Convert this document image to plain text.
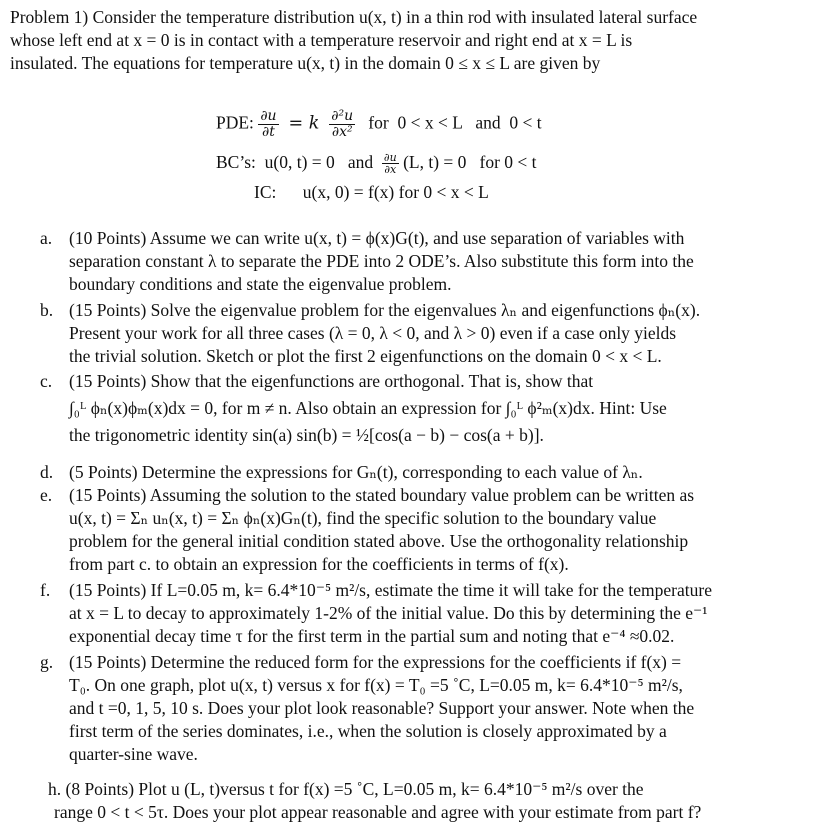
Problem 1) Consider the temperature distribution u(x, t) in a thin rod with insulated lateral surface
whose left end at x = 0 is in contact with a temperature reservoir and right end at x = L is
insulated. The equations for temperature u(x, t) in the domain 0 ≤ x ≤ L are given by
PDE: $\frac{\partial u}{\partial t} = k \frac{\text{∂²u}}{\text{∂x²}}$ for  0 < x < L   and  0 < t
BC’s:  u(0, t) = 0   and $\frac{\partial u}{\partial x} (L$, t) = 0   for 0 < t
IC: u(x, 0) = f(x) for 0 < x < L
a. (10 Points) Assume we can write u(x, t) = ϕ(x)G(t), and use separation of variables with
separation constant λ to separate the PDE into 2 ODE’s. Also substitute this form into the
boundary conditions and state the eigenvalue problem.
b. (15 Points) Solve the eigenvalue problem for the eigenvalues λₙ and eigenfunctions ϕₙ(x).
Present your work for all three cases (λ = 0, λ < 0, and λ > 0) even if a case only yields
the trivial solution. Sketch or plot the first 2 eigenfunctions on the domain 0 < x < L.
c. (15 Points) Show that the eigenfunctions are orthogonal. That is, show that
∫₀ᴸ ϕₙ(x)ϕₘ(x)dx = 0, for m ≠ n. Also obtain an expression for ∫₀ᴸ ϕ²ₘ(x)dx. Hint: Use
the trigonometric identity sin(a) sin(b) = ½[cos(a − b) − cos(a + b)].
d. (5 Points) Determine the expressions for Gₙ(t), corresponding to each value of λₙ.
e. (15 Points) Assuming the solution to the stated boundary value problem can be written as
u(x, t) = Σₙ uₙ(x, t) = Σₙ ϕₙ(x)Gₙ(t), find the specific solution to the boundary value
problem for the general initial condition stated above. Use the orthogonality relationship
from part c. to obtain an expression for the coefficients in terms of f(x).
f.	(15 Points) If L=0.05 m, k= 6.4*10⁻⁵ m²/s, estimate the time it will take for the temperature
at x = L to decay to approximately 1-2% of the initial value. Do this by determining the e⁻¹
exponential decay time τ for the first term in the partial sum and noting that e⁻⁴ ≈0.02.
g. (15 Points) Determine the reduced form for the expressions for the coefficients if f(x) =
T₀. On one graph, plot u(x, t) versus x for f(x) = T₀ =5 ˚C, L=0.05 m, k= 6.4*10⁻⁵ m²/s,
and t =0, 1, 5, 10 s. Does your plot look reasonable? Support your answer. Note when the
first term of the series dominates, i.e., when the solution is closely approximated by a
quarter-sine wave.
h. (8 Points) Plot u (L, t)versus t for f(x) =5 ˚C, L=0.05 m, k= 6.4*10⁻⁵ m²/s over the
range 0 < t < 5τ. Does your plot appear reasonable and agree with your estimate from part f?
